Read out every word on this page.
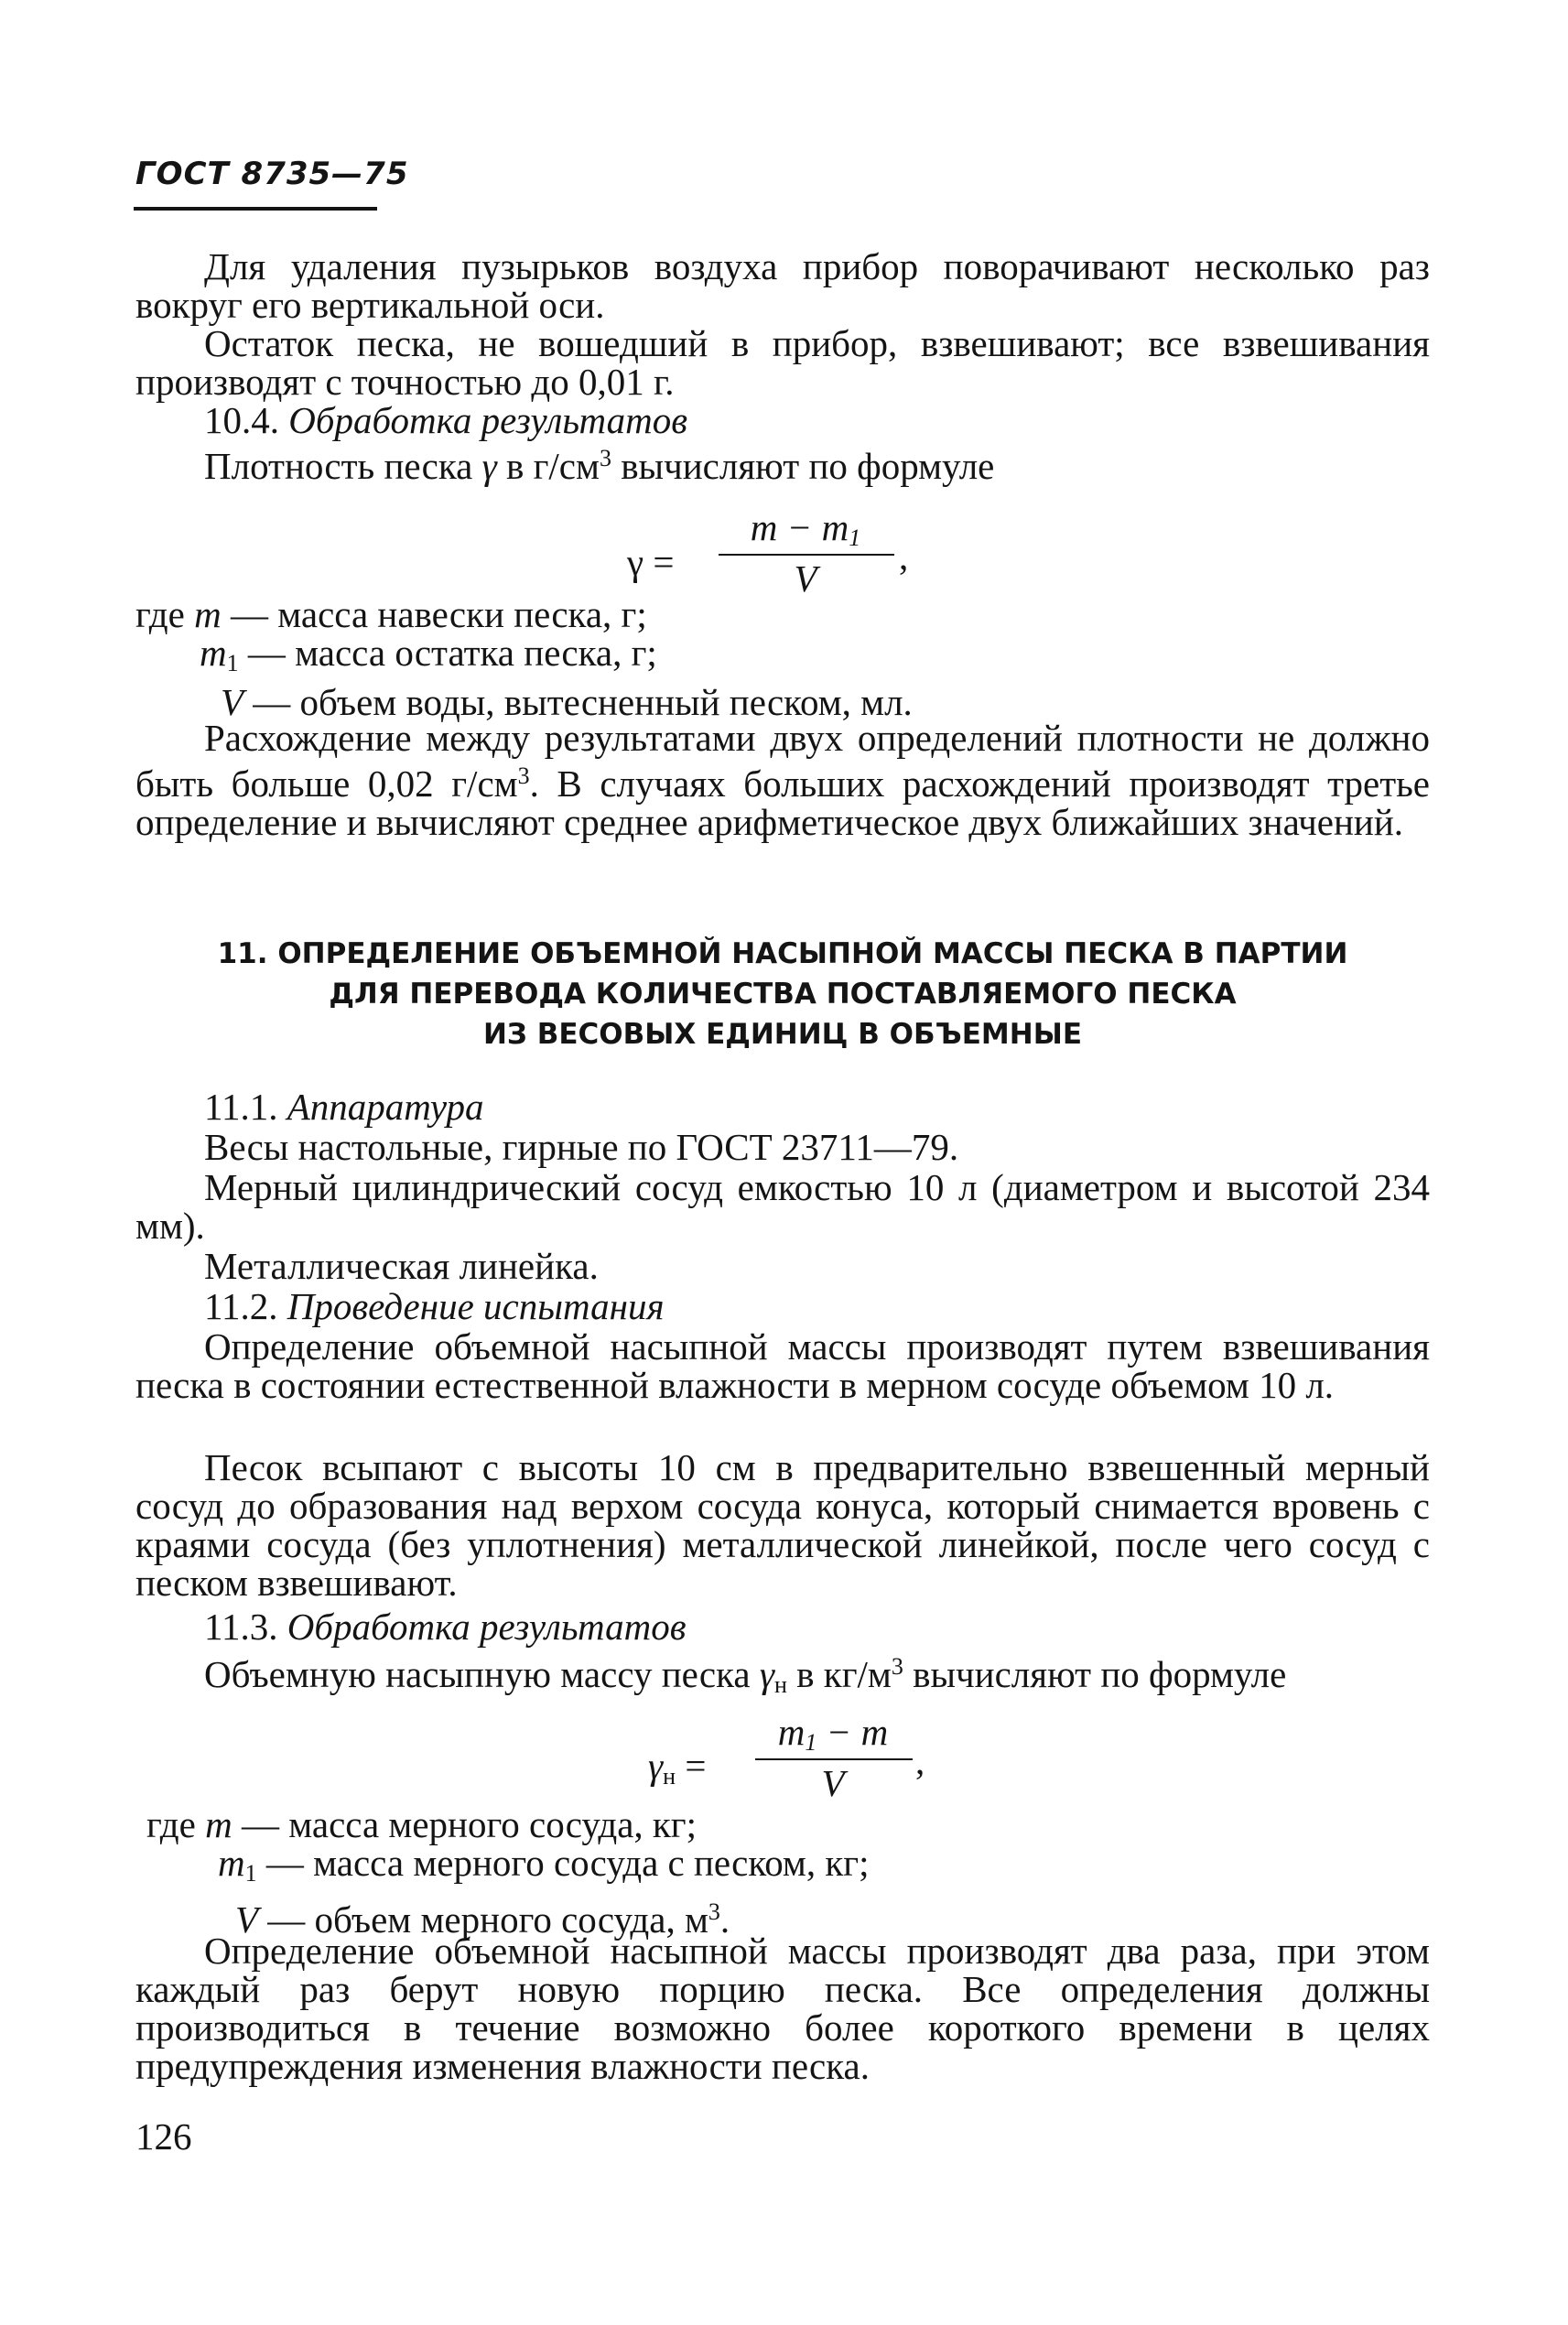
ГОСТ 8735—75
Для удаления пузырьков воздуха прибор поворачивают несколько раз вокруг его вертикальной оси.
Остаток песка, не вошедший в прибор, взвешивают; все взвешивания производят с точностью до 0,01 г.
10.4. Обработка результатов
Плотность песка γ в $г/см^3$ вычисляют по формуле
γ =
$m - m_1$
V
,
где m — масса навески песка, г;
$m_1$ — масса остатка песка, г;
V — объем воды, вытесненный песком, мл.
Расхождение между результатами двух определений плотности не должно быть больше 0,02 $г/см^3$. В случаях больших расхождений производят третье определение и вычисляют среднее арифметическое двух ближайших значений.
11. ОПРЕДЕЛЕНИЕ ОБЪЕМНОЙ НАСЫПНОЙ МАССЫ ПЕСКА В ПАРТИИ
ДЛЯ ПЕРЕВОДА КОЛИЧЕСТВА ПОСТАВЛЯЕМОГО ПЕСКА
ИЗ ВЕСОВЫХ ЕДИНИЦ В ОБЪЕМНЫЕ
11.1. Аппаратура
Весы настольные, гирные по ГОСТ 23711—79.
Мерный цилиндрический сосуд емкостью 10 л (диаметром и высотой 234 мм).
Металлическая линейка.
11.2. Проведение испытания
Определение объемной насыпной массы производят путем взвешивания песка в состоянии естественной влажности в мерном сосуде объемом 10 л.
Песок всыпают с высоты 10 см в предварительно взвешенный мерный сосуд до образования над верхом сосуда конуса, который снимается вровень с краями сосуда (без уплотнения) металлической линейкой, после чего сосуд с песком взвешивают.
11.3. Обработка результатов
Объемную насыпную массу песка $\gamma_н$ в $кг/м^3$ вычисляют по формуле
$\gamma_н$ =
$m_1 - m$
V
,
где m — масса мерного сосуда, кг;
$m_1$ — масса мерного сосуда с песком, кг;
V — объем мерного сосуда, $м^3$.
Определение объемной насыпной массы производят два раза, при этом каждый раз берут новую порцию песка. Все определения должны производиться в течение возможно более короткого времени в целях предупреждения изменения влажности песка.
126
